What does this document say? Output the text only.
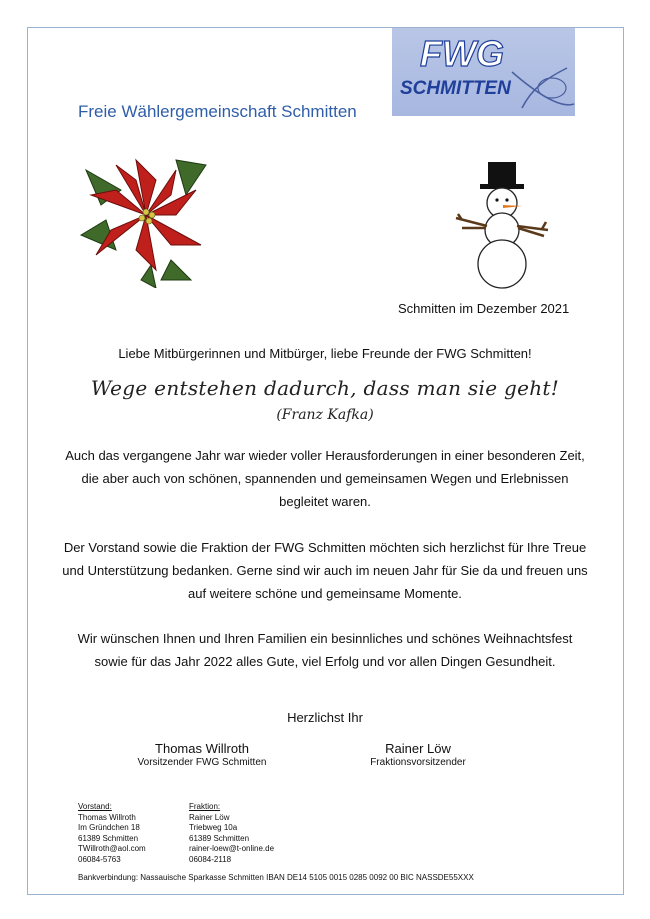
FWG
SCHMITTEN
Freie Wählergemeinschaft Schmitten
Schmitten im Dezember 2021
Liebe Mitbürgerinnen und Mitbürger, liebe Freunde der FWG Schmitten!
Wege entstehen dadurch, dass man sie geht!
(Franz Kafka)
Auch das vergangene Jahr war wieder voller Herausforderungen in einer besonderen Zeit, die aber auch von schönen, spannenden und gemeinsamen Wegen und Erlebnissen begleitet waren.
Der Vorstand sowie die Fraktion der FWG Schmitten möchten sich herzlichst für Ihre Treue und Unterstützung bedanken. Gerne sind wir auch im neuen Jahr für Sie da und freuen uns auf weitere schöne und gemeinsame Momente.
Wir wünschen Ihnen und Ihren Familien ein besinnliches und schönes Weihnachtsfest sowie für das Jahr 2022 alles Gute, viel Erfolg und vor allen Dingen Gesundheit.
Herzlichst Ihr
Thomas Willroth
Vorsitzender FWG Schmitten
Rainer Löw
Fraktionsvorsitzender
Vorstand:
Thomas Willroth
Im Gründchen 18
61389 Schmitten
TWillroth@aol.com
06084-5763
Fraktion:
Rainer Löw
Triebweg 10a
61389 Schmitten
rainer-loew@t-online.de
06084-2118
Bankverbindung: Nassauische Sparkasse Schmitten IBAN DE14 5105 0015 0285 0092 00 BIC NASSDE55XXX
